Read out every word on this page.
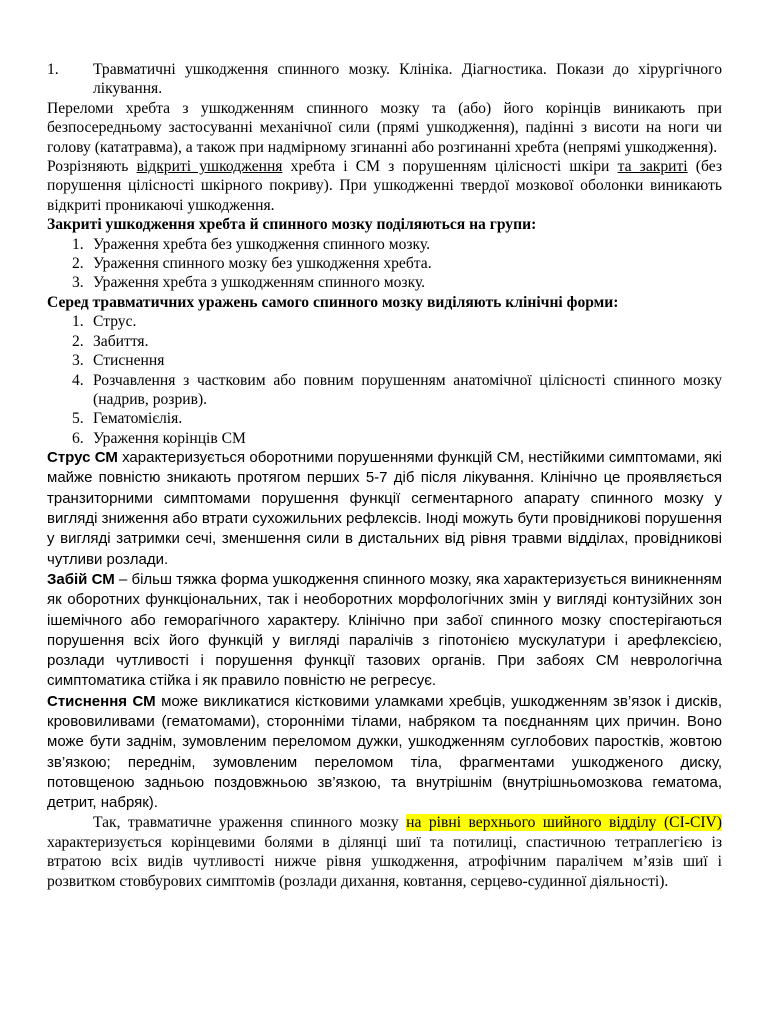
1.	Травматичні ушкодження спинного мозку. Клініка. Діагностика. Покази до хірургічного лікування.

Переломи хребта з ушкодженням спинного мозку та (або) його корінців виникають при безпосередньому застосуванні механічної сили (прямі ушкодження), падінні з висоти на ноги чи голову (кататравма), а також при надмірному згинанні або розгинанні хребта (непрямі ушкодження).

Розрізняють відкриті ушкодження хребта і СМ з порушенням цілісності шкіри та закриті (без порушення цілісності шкірного покриву). При ушкодженні твердої мозкової оболонки виникають відкриті проникаючі ушкодження.

Закриті ушкодження хребта й спинного мозку поділяються на групи:

1. Ураження хребта без ушкодження спинного мозку.
2. Ураження спинного мозку без ушкодження хребта.
3. Ураження хребта з ушкодженням спинного мозку.

Серед травматичних уражень самого спинного мозку виділяють клінічні форми:

1. Струс.
2. Забиття.
3. Стиснення
4. Розчавлення з частковим або повним порушенням анатомічної цілісності спинного мозку (надрив, розрив).
5. Гематомієлія.
6. Ураження корінців СМ

Струс СМ характеризується оборотними порушеннями функцій СМ, нестійкими симптомами, які майже повністю зникають протягом перших 5-7 діб після лікування. Клінічно це проявляється транзиторними симптомами порушення функції сегментарного апарату спинного мозку у вигляді зниження або втрати сухожильних рефлексів. Іноді можуть бути провідникові порушення у вигляді затримки сечі, зменшення сили в дистальних від рівня травми відділах, провідникові чутливи розлади.

Забій СМ – більш тяжка форма ушкодження спинного мозку, яка характеризується виникненням як оборотних функціональних, так і необоротних морфологічних змін у вигляді контузійних зон ішемічного або геморагічного характеру. Клінічно при забої спинного мозку спостерігаються порушення всіх його функцій у вигляді паралічів з гіпотонією мускулатури і арефлексією, розлади чутливості і порушення функції тазових органів. При забоях СМ неврологічна симптоматика стійка і як правило повністю не регресує.

Стиснення СМ може викликатися кістковими уламками хребців, ушкодженням зв’язок і дисків, крововиливами (гематомами), сторонніми тілами, набряком та поєднанням цих причин. Воно може бути заднім, зумовленим переломом дужки, ушкодженням суглобових паростків, жовтою зв’язкою; переднім, зумовленим переломом тіла, фрагментами ушкодженого диску, потовщеною задньою поздовжньою зв’язкою, та внутрішнім (внутрішньомозкова гематома, детрит, набряк).

Так, травматичне ураження спинного мозку на рівні верхнього шийного відділу (CI-CIV) характеризується корінцевими болями в ділянці шиї та потилиці, спастичною тетраплегією із втратою всіх видів чутливості нижче рівня ушкодження, атрофічним паралічем м’язів шиї і розвитком стовбурових симптомів (розлади дихання, ковтання, серцево-судинної діяльності).
